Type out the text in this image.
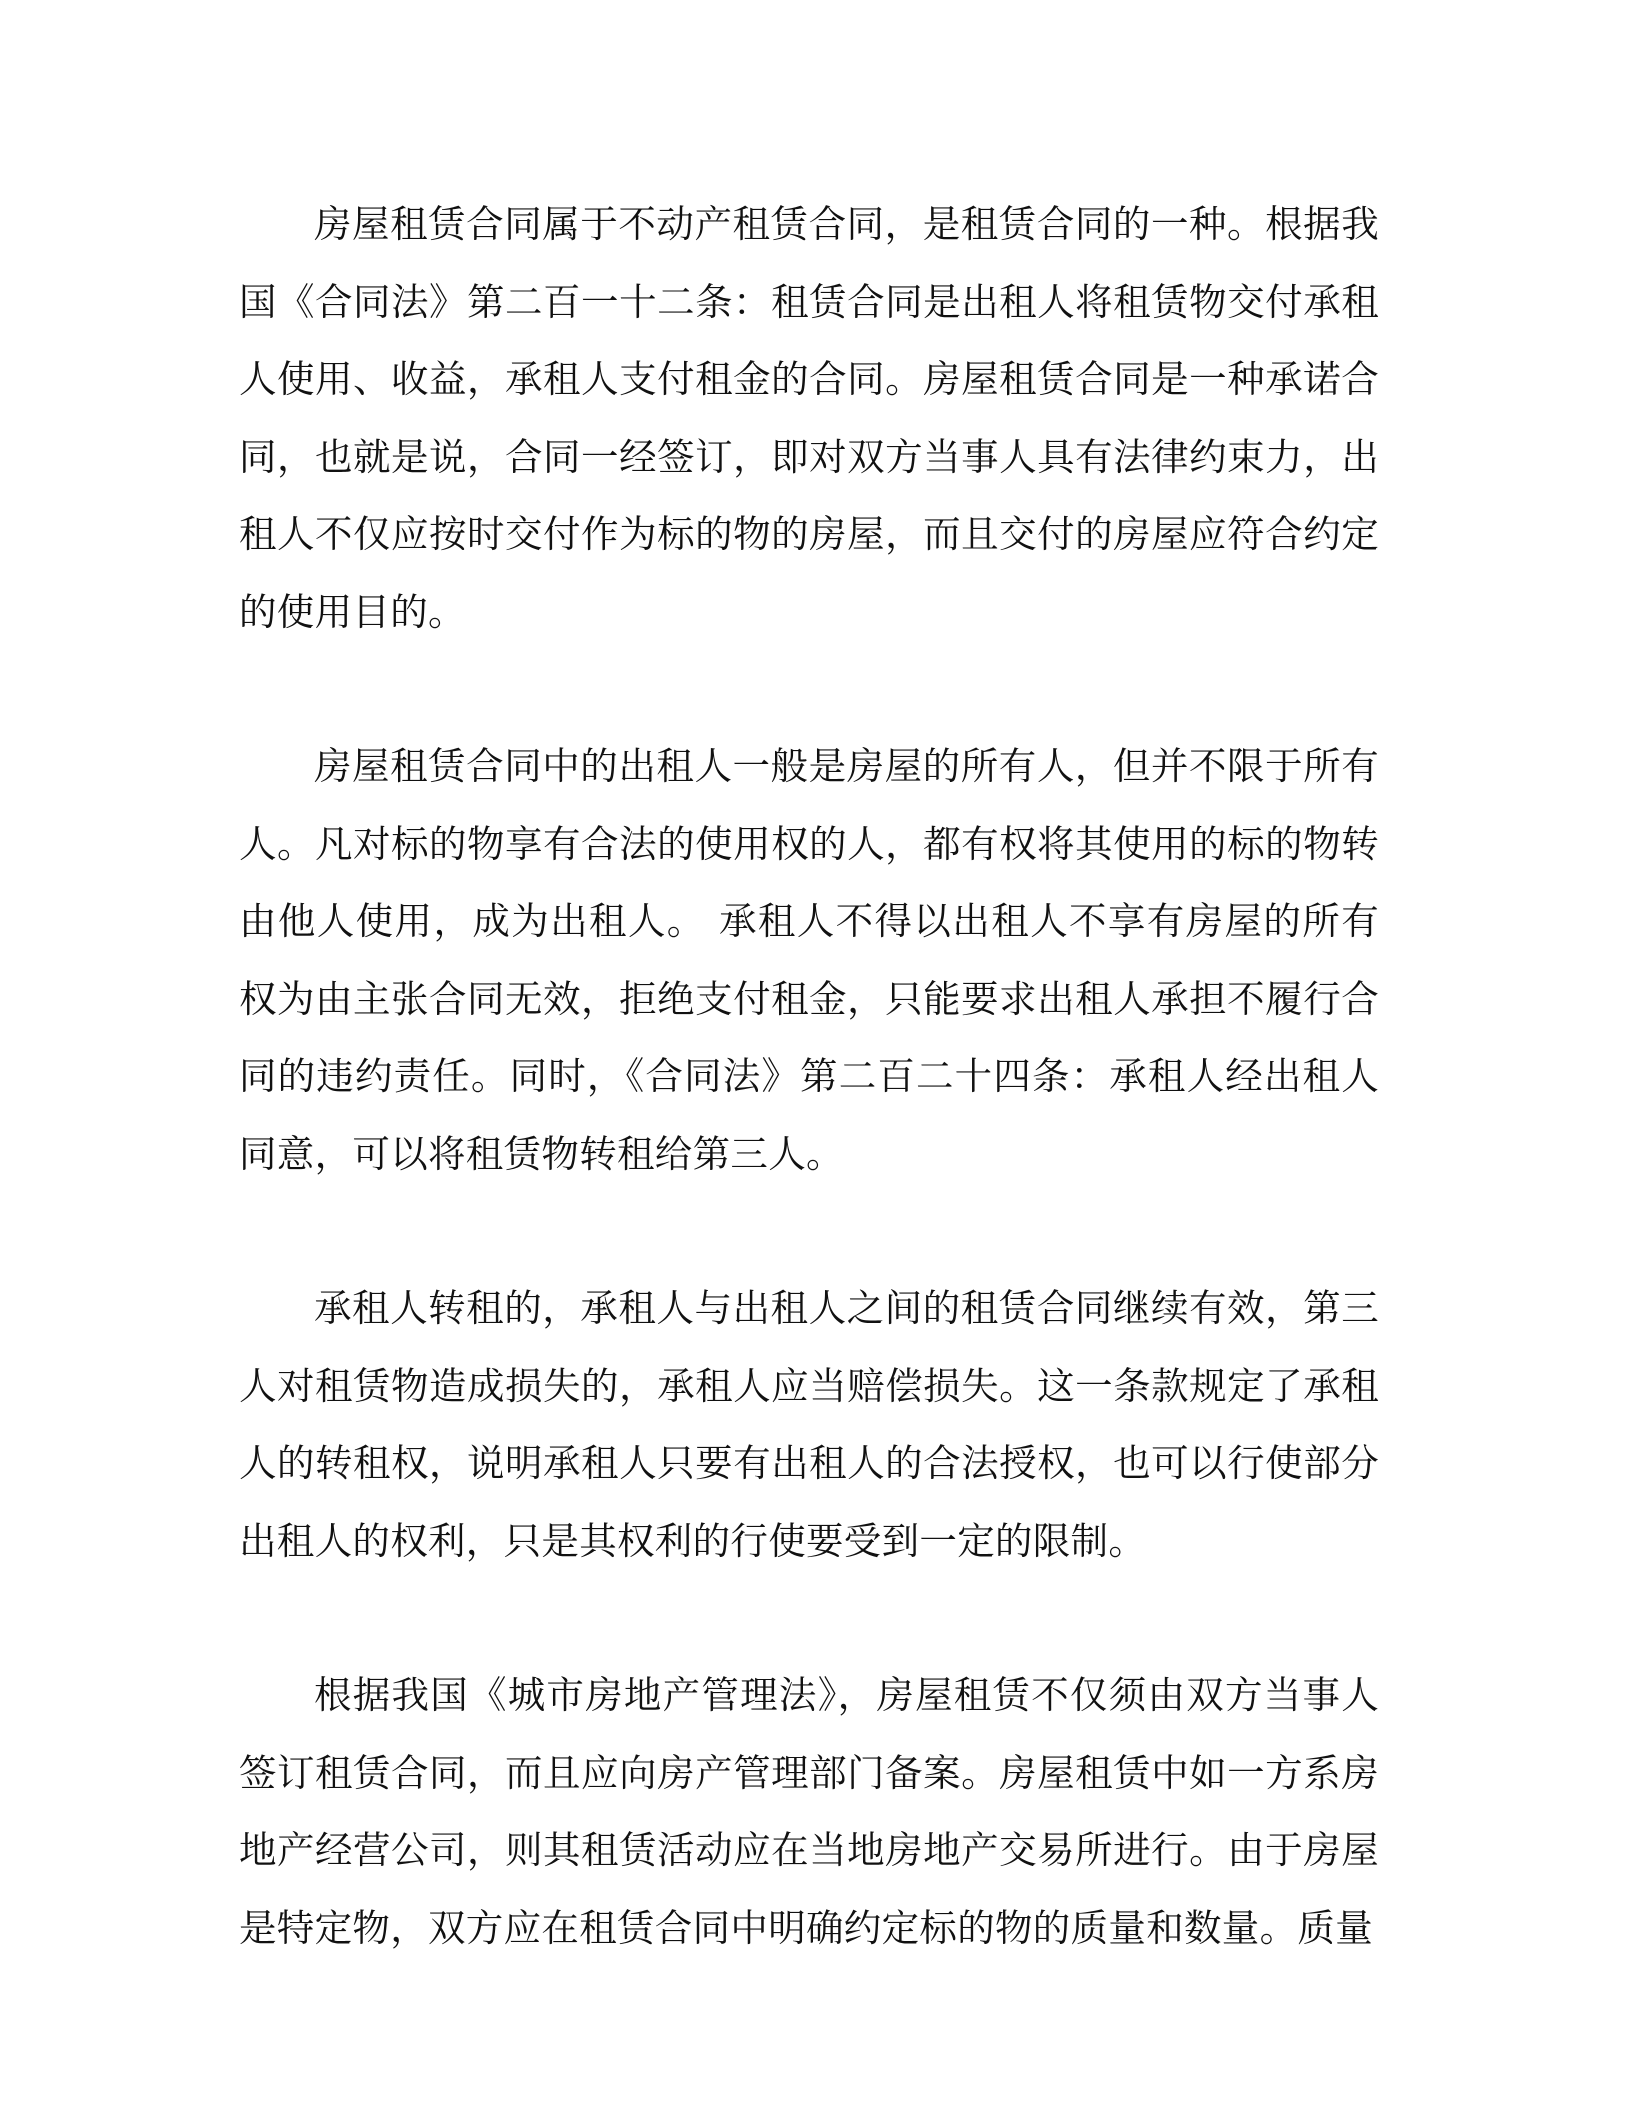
房屋租赁合同属于不动产租赁合同，是租赁合同的一种。根据我国《合同法》第二百一十二条：租赁合同是出租人将租赁物交付承租人使用、收益，承租人支付租金的合同。房屋租赁合同是一种承诺合同，也就是说，合同一经签订，即对双方当事人具有法律约束力，出租人不仅应按时交付作为标的物的房屋，而且交付的房屋应符合约定的使用目的。

房屋租赁合同中的出租人一般是房屋的所有人，但并不限于所有人。凡对标的物享有合法的使用权的人，都有权将其使用的标的物转由他人使用，成为出租人。 承租人不得以出租人不享有房屋的所有权为由主张合同无效，拒绝支付租金，只能要求出租人承担不履行合同的违约责任。同时，《合同法》第二百二十四条：承租人经出租人同意，可以将租赁物转租给第三人。

承租人转租的，承租人与出租人之间的租赁合同继续有效，第三人对租赁物造成损失的，承租人应当赔偿损失。这一条款规定了承租人的转租权，说明承租人只要有出租人的合法授权，也可以行使部分出租人的权利，只是其权利的行使要受到一定的限制。

根据我国《城市房地产管理法》，房屋租赁不仅须由双方当事人签订租赁合同，而且应向房产管理部门备案。房屋租赁中如一方系房地产经营公司，则其租赁活动应在当地房地产交易所进行。由于房屋是特定物，双方应在租赁合同中明确约定标的物的质量和数量。质量
